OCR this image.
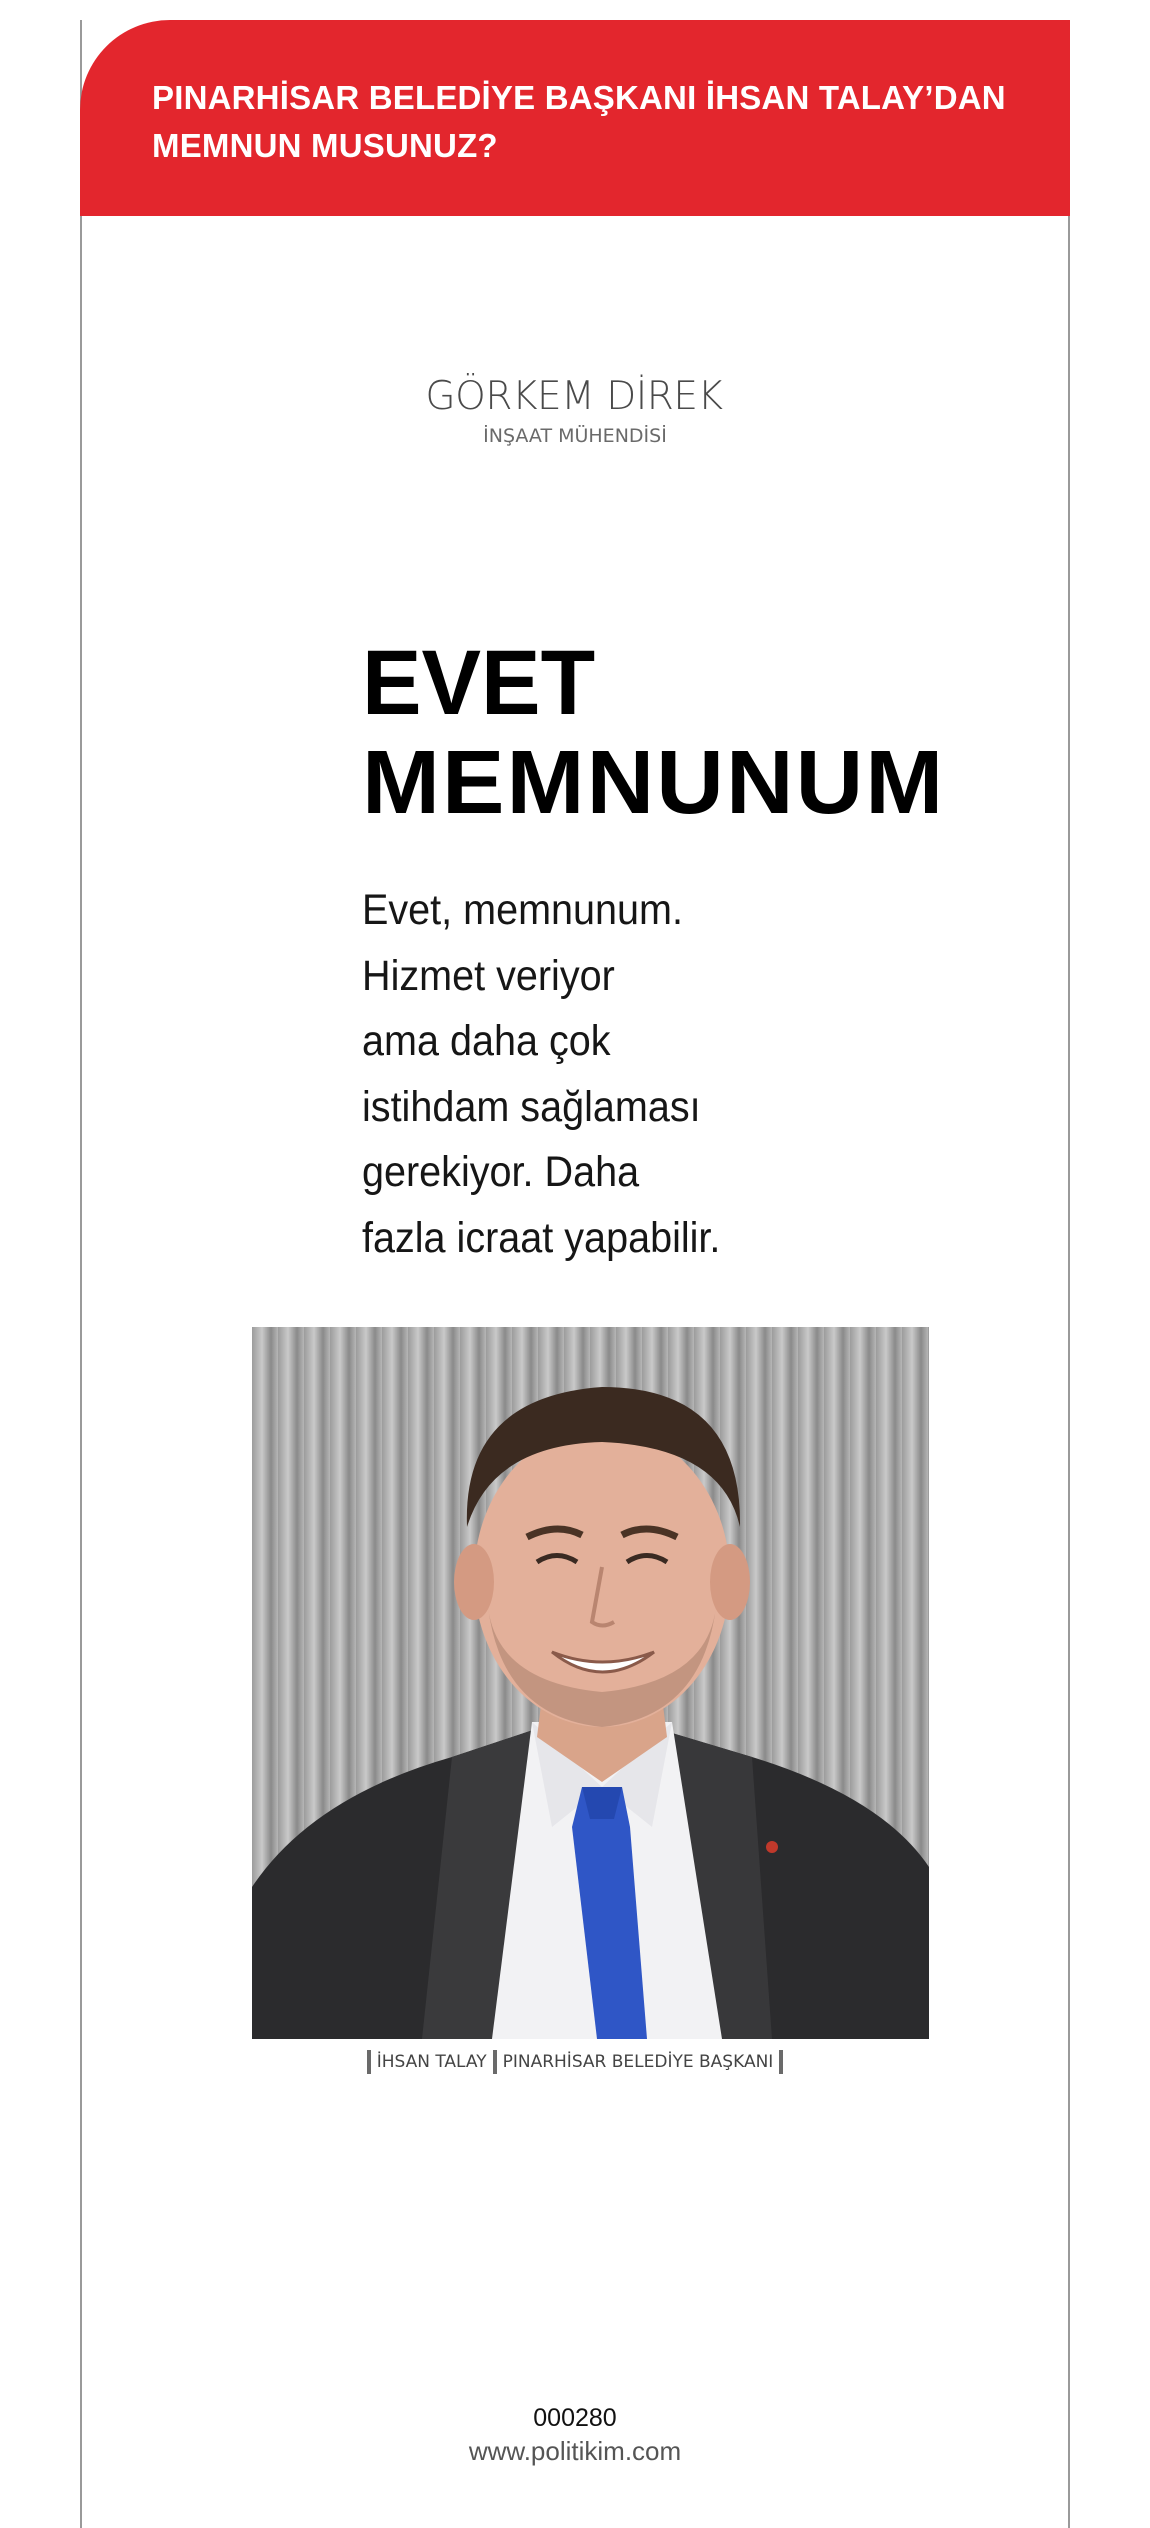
PINARHİSAR BELEDİYE BAŞKANI İHSAN TALAY’DAN
MEMNUN MUSUNUZ?

GÖRKEM DİREK
İNŞAAT MÜHENDİSİ
EVET
MEMNUNUM

Evet, memnunum.
Hizmet veriyor
ama daha çok
istihdam sağlaması
gerekiyor. Daha
fazla icraat yapabilir.

İHSAN TALAY PINARHİSAR BELEDİYE BAŞKANI
000280
www.politikim.com
